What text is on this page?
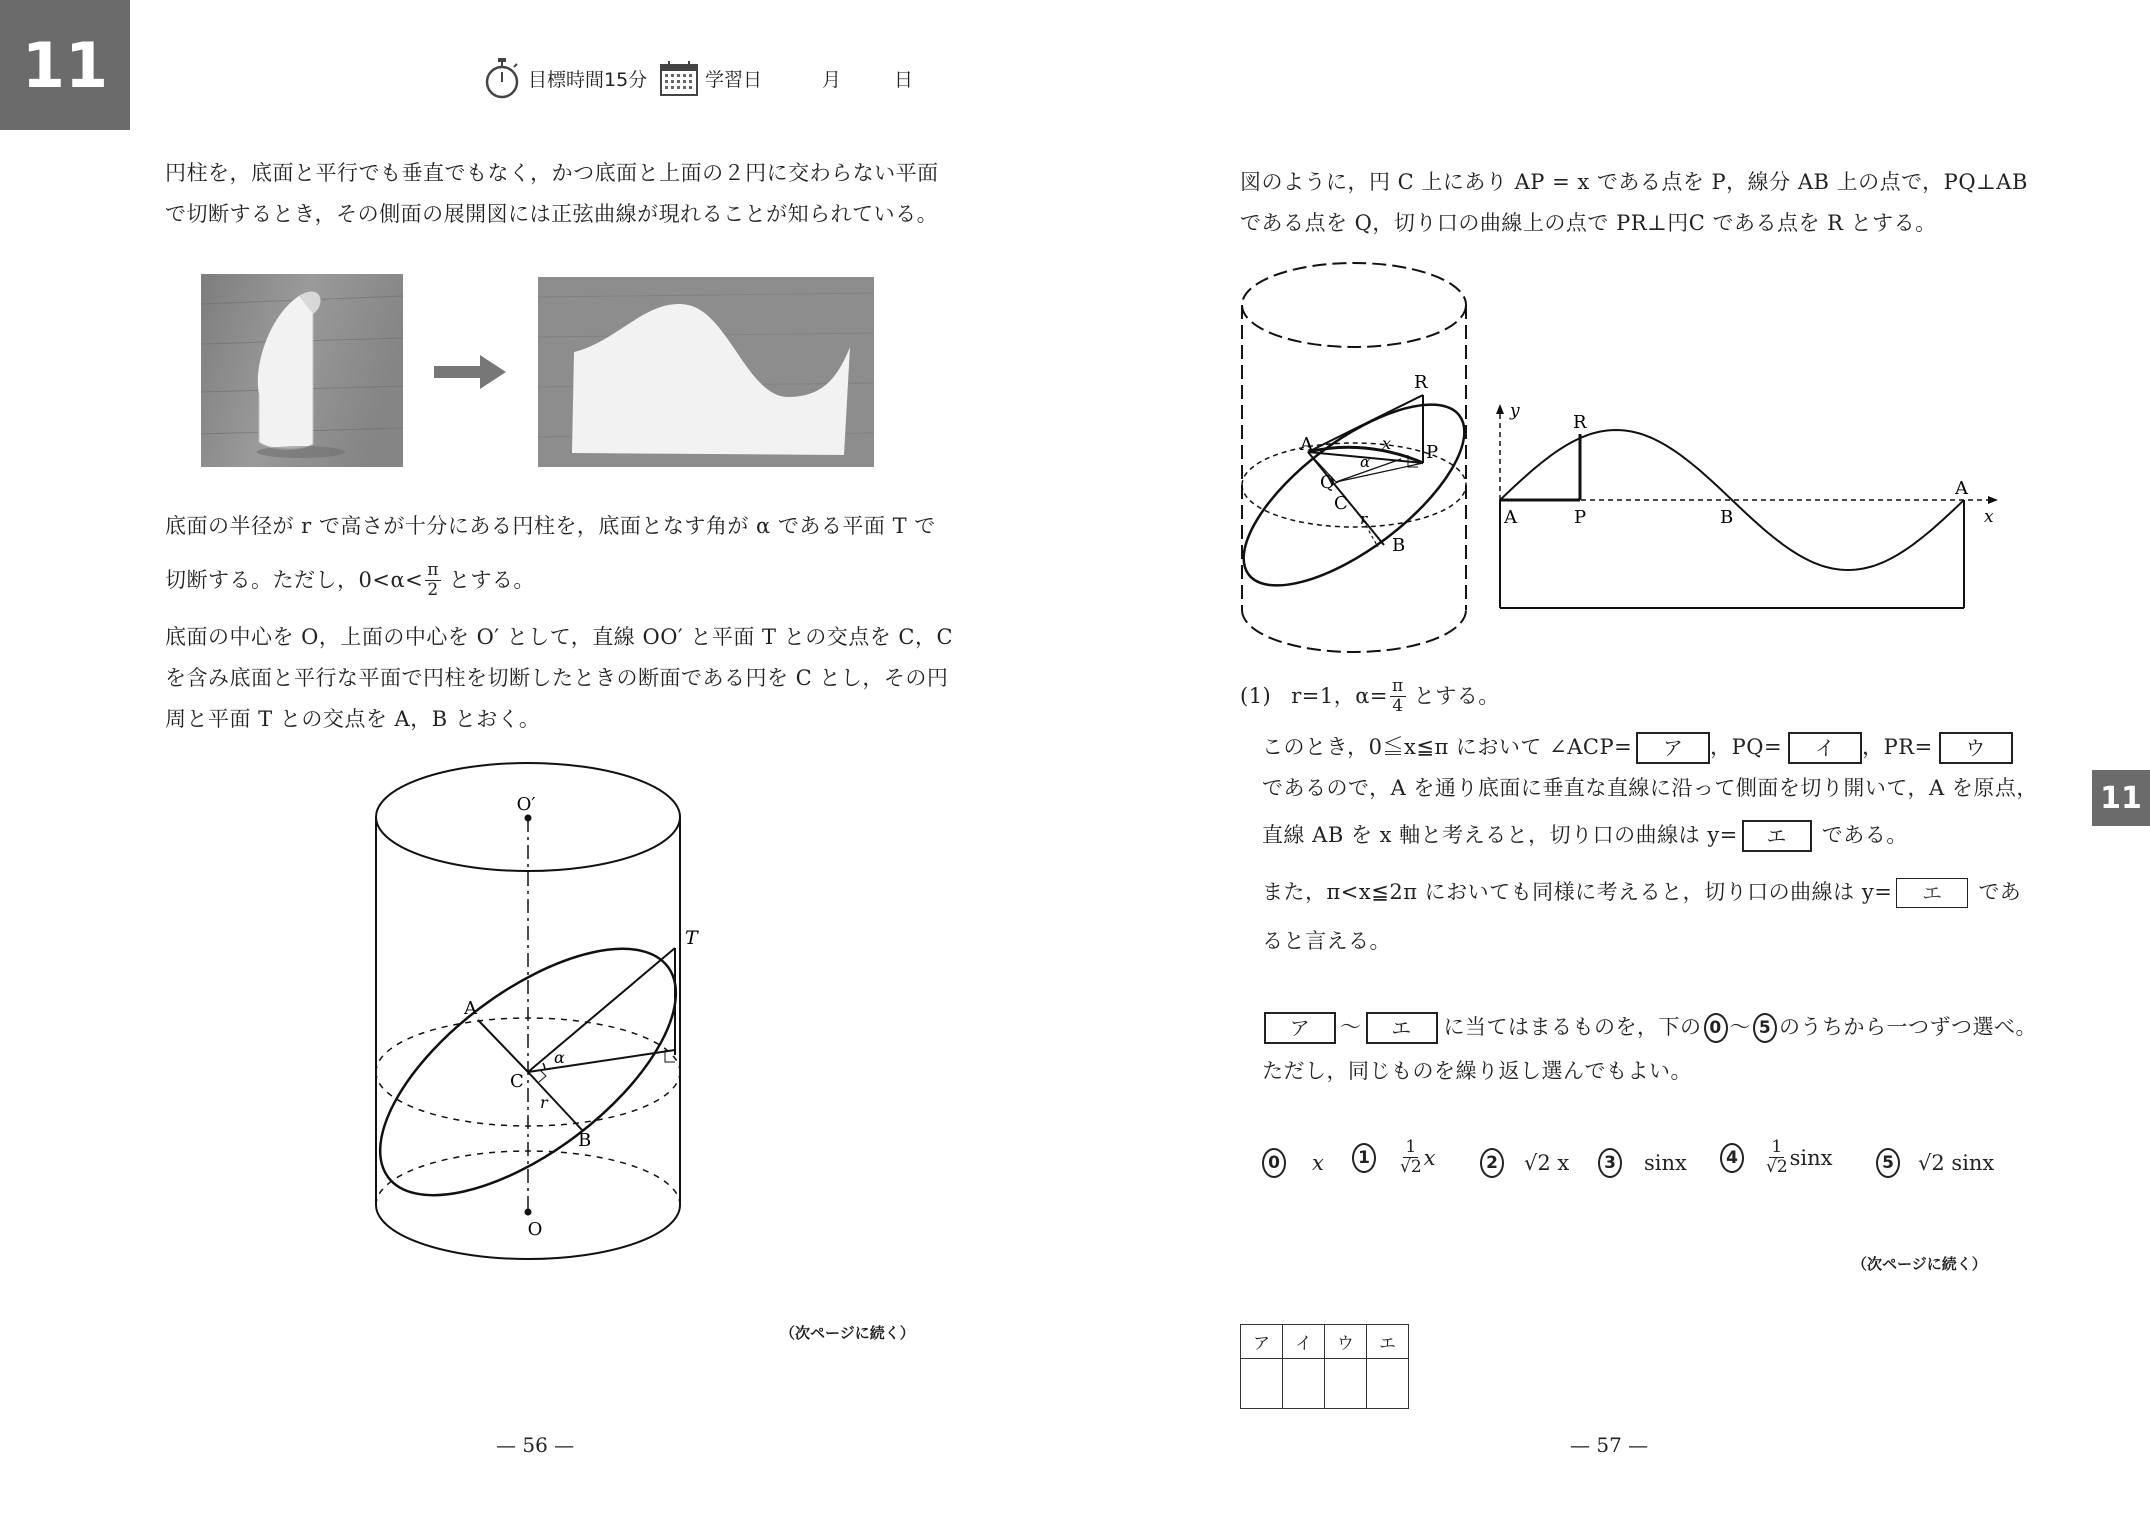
11
11
目標時間15分	学習日	月	日
円柱を，底面と平行でも垂直でもなく，かつ底面と上面の２円に交わらない平面
で切断するとき，その側面の展開図には正弦曲線が現れることが知られている。
底面の半径が r で高さが十分にある円柱を，底面となす角が α である平面 T で
切断する。ただし，$0<\alpha< \frac{\pi}{2}$ とする。
底面の中心を O，上面の中心を O′ として，直線 OO′ と平面 T との交点を C，C
を含み底面と平行な平面で円柱を切断したときの断面である円を C とし，その円
周と平面 T との交点を A，B とおく。
O′
O
T
A
B
C
α
r
（次ページに続く）
— 56 —
図のように，円 C 上にあり AP = x である点を P，線分 AB 上の点で，PQ⊥AB
である点を Q，切り口の曲線上の点で PR⊥円C である点を R とする。
R
A	P
x
α
Q
C
r
B
y
x
R
A	P	B
A
(1) r=1，$\alpha= \frac{\pi}{4}$ とする。
このとき，0≦x≦π において ∠ACP=	ア	，PQ=	イ	，PR=	ウ
であるので，A を通り底面に垂直な直線に沿って側面を切り開いて，A を原点，
直線 AB を x 軸と考えると，切り口の曲線は y=	エ	である。
また，π<x≦2π においても同様に考えると，切り口の曲線は y=	エ	であ
ると言える。
ア	～	エ	に当てはまるものを，下の 0 ～ 5 のうちから一つずつ選べ。
ただし，同じものを繰り返し選んでもよい。
0 x	1	$\frac{1}{√2}$ x	2 √2 x	3 sinx	4	$\frac{1}{√2}$ sinx	5 √2 sinx
（次ページに続く）
ア	イ	ウ	エ

— 57 —
